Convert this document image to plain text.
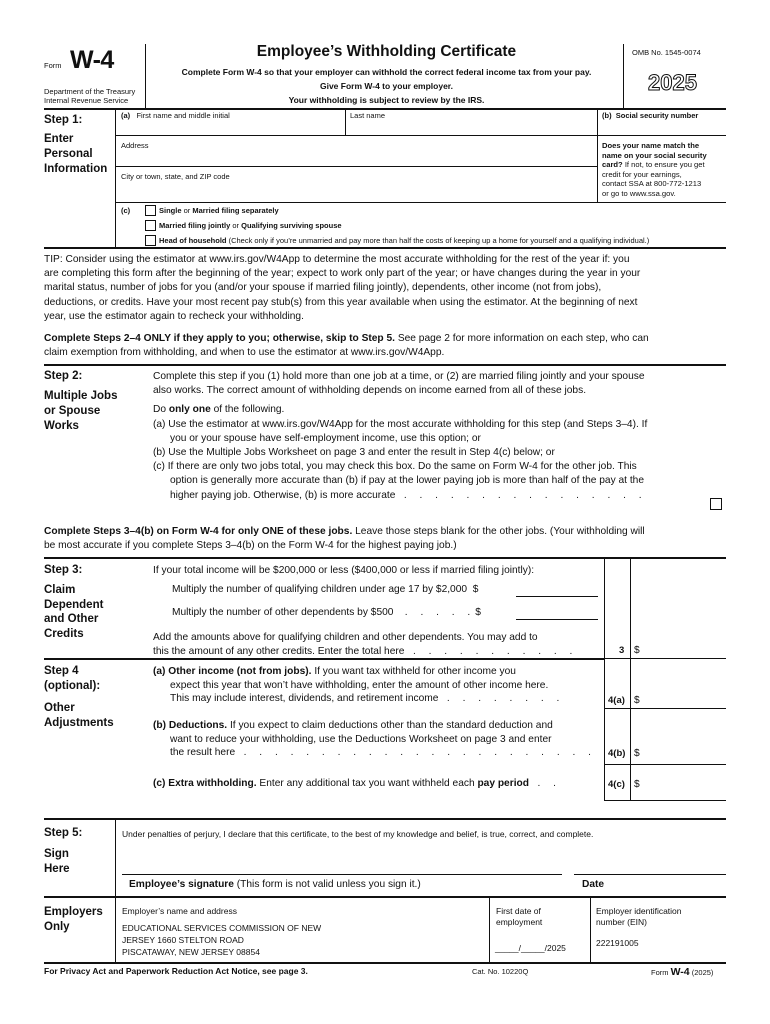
Form W-4
Department of the Treasury
Internal Revenue Service
Employee’s Withholding Certificate
Complete Form W-4 so that your employer can withhold the correct federal income tax from your pay.
Give Form W-4 to your employer.
Your withholding is subject to review by the IRS.
OMB No. 1545-0074
2025
Step 1:
Enter
Personal
Information
(a) First name and middle initial	Last name	(b) Social security number
Address
City or town, state, and ZIP code
Does your name match the
name on your social security
card? If not, to ensure you get
credit for your earnings,
contact SSA at 800-772-1213
or go to www.ssa.gov.
(c)	Single or Married filing separately
Married filing jointly or Qualifying surviving spouse
Head of household (Check only if you’re unmarried and pay more than half the costs of keeping up a home for yourself and a qualifying individual.)
TIP: Consider using the estimator at www.irs.gov/W4App to determine the most accurate withholding for the rest of the year if: you
are completing this form after the beginning of the year; expect to work only part of the year; or have changes during the year in your
marital status, number of jobs for you (and/or your spouse if married filing jointly), dependents, other income (not from jobs),
deductions, or credits. Have your most recent pay stub(s) from this year available when using the estimator. At the beginning of next
year, use the estimator again to recheck your withholding.
Complete Steps 2–4 ONLY if they apply to you; otherwise, skip to Step 5. See page 2 for more information on each step, who can
claim exemption from withholding, and when to use the estimator at www.irs.gov/W4App.
Step 2:
Multiple Jobs
or Spouse
Works
Complete this step if you (1) hold more than one job at a time, or (2) are married filing jointly and your spouse
also works. The correct amount of withholding depends on income earned from all of these jobs.
Do only one of the following.
(a) Use the estimator at www.irs.gov/W4App for the most accurate withholding for this step (and Steps 3–4). If
you or your spouse have self-employment income, use this option; or
(b) Use the Multiple Jobs Worksheet on page 3 and enter the result in Step 4(c) below; or
(c) If there are only two jobs total, you may check this box. Do the same on Form W-4 for the other job. This
option is generally more accurate than (b) if pay at the lower paying job is more than half of the pay at the
higher paying job. Otherwise, (b) is more accurate . . . . . . . . . . . . . . . .
Complete Steps 3–4(b) on Form W-4 for only ONE of these jobs. Leave those steps blank for the other jobs. (Your withholding will
be most accurate if you complete Steps 3–4(b) on the Form W-4 for the highest paying job.)
Step 3:
Claim
Dependent
and Other
Credits
If your total income will be $200,000 or less ($400,000 or less if married filing jointly):
Multiply the number of qualifying children under age 17 by $2,000 $
Multiply the number of other dependents by $500 . . . . .$
Add the amounts above for qualifying children and other dependents. You may add to
this the amount of any other credits. Enter the total here . . . . . . . . . . .	3 $
Step 4
(optional):
Other
Adjustments
(a) Other income (not from jobs). If you want tax withheld for other income you
expect this year that won’t have withholding, enter the amount of other income here.
This may include interest, dividends, and retirement income . . . . . . . .	4(a) $
(b) Deductions. If you expect to claim deductions other than the standard deduction and
want to reduce your withholding, use the Deductions Worksheet on page 3 and enter
the result here . . . . . . . . . . . . . . . . . . . . . . . 4(b) $
(c) Extra withholding. Enter any additional tax you want withheld each pay period . .	4(c) $
Step 5:
Sign
Here
Under penalties of perjury, I declare that this certificate, to the best of my knowledge and belief, is true, correct, and complete.
Employee’s signature (This form is not valid unless you sign it.)	Date
Employers
Only
Employer’s name and address
EDUCATIONAL SERVICES COMMISSION OF NEW
JERSEY 1660 STELTON ROAD
PISCATAWAY, NEW JERSEY 08854
First date of
employment
_____/_____/2025
Employer identification
number (EIN)
222191005
For Privacy Act and Paperwork Reduction Act Notice, see page 3.	Cat. No. 10220Q	Form W-4 (2025)
